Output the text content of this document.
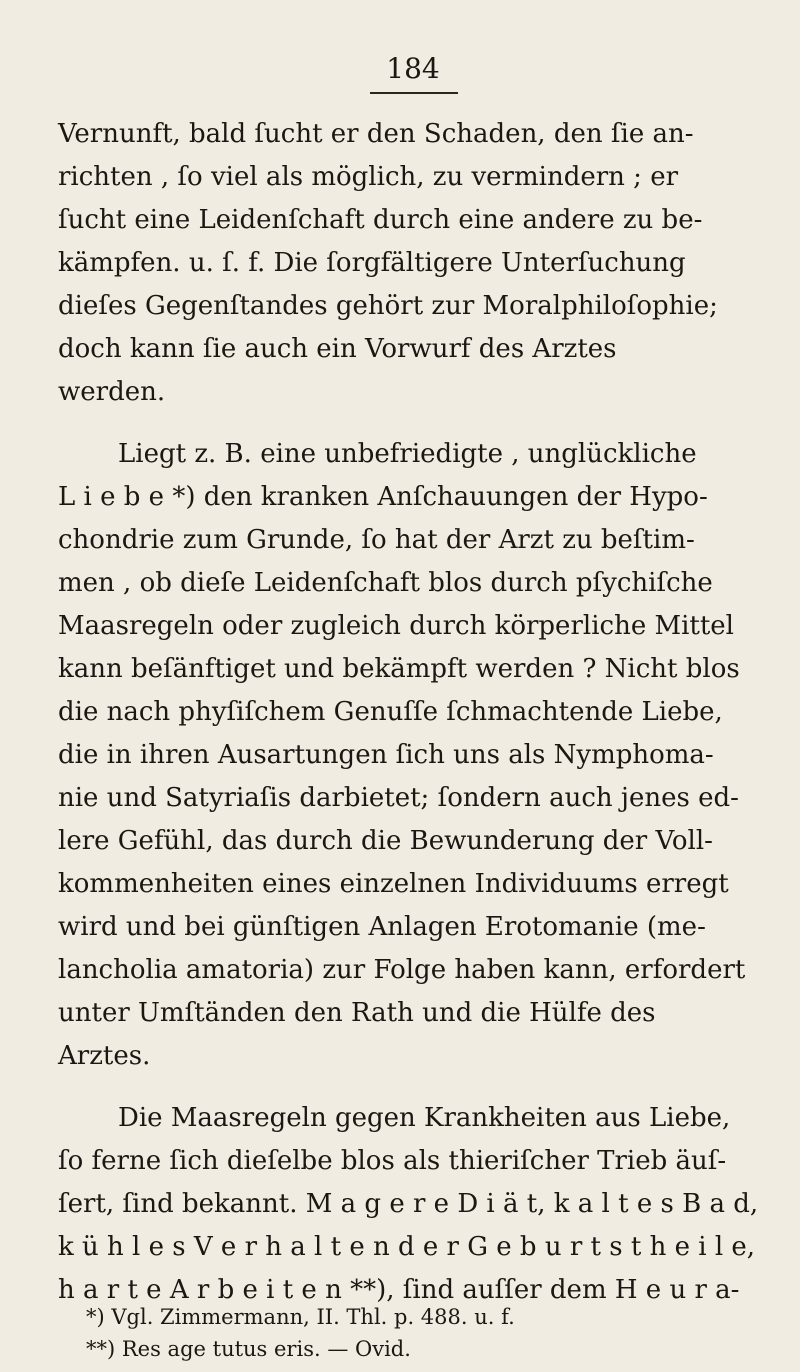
184
Vernunft, bald ſucht er den Schaden, den ſie an-
richten , ſo viel als möglich, zu vermindern ; er
ſucht eine Leidenſchaft durch eine andere zu be-
kämpfen. u. ſ. f. Die ſorgfältigere Unterſuchung
dieſes Gegenſtandes gehört zur Moralphiloſophie;
doch kann ſie auch ein Vorwurf des Arztes
werden.
Liegt z. B. eine unbefriedigte , unglückliche
L i e b e *) den kranken Anſchauungen der Hypo-
chondrie zum Grunde, ſo hat der Arzt zu beſtim-
men , ob dieſe Leidenſchaft blos durch pſychiſche
Maasregeln oder zugleich durch körperliche Mittel
kann beſänftiget und bekämpft werden ? Nicht blos
die nach phyſiſchem Genuſſe ſchmachtende Liebe,
die in ihren Ausartungen ſich uns als Nymphoma-
nie und Satyriaſis darbietet; ſondern auch jenes ed-
lere Gefühl, das durch die Bewunderung der Voll-
kommenheiten eines einzelnen Individuums erregt
wird und bei günſtigen Anlagen Erotomanie (me-
lancholia amatoria) zur Folge haben kann, erfordert
unter Umſtänden den Rath und die Hülfe des
Arztes.
Die Maasregeln gegen Krankheiten aus Liebe,
ſo ferne ſich dieſelbe blos als thieriſcher Trieb äuſ-
ſert, ſind bekannt. M a g e r e D i ä t, k a l t e s B a d,
k ü h l e s V e r h a l t e n d e r G e b u r t s t h e i l e,
h a r t e A r b e i t e n **), ſind auſſer dem H e u r a-
*) Vgl. Zimmermann, II. Thl. p. 488. u. f.
**) Res age tutus eris. — Ovid.
